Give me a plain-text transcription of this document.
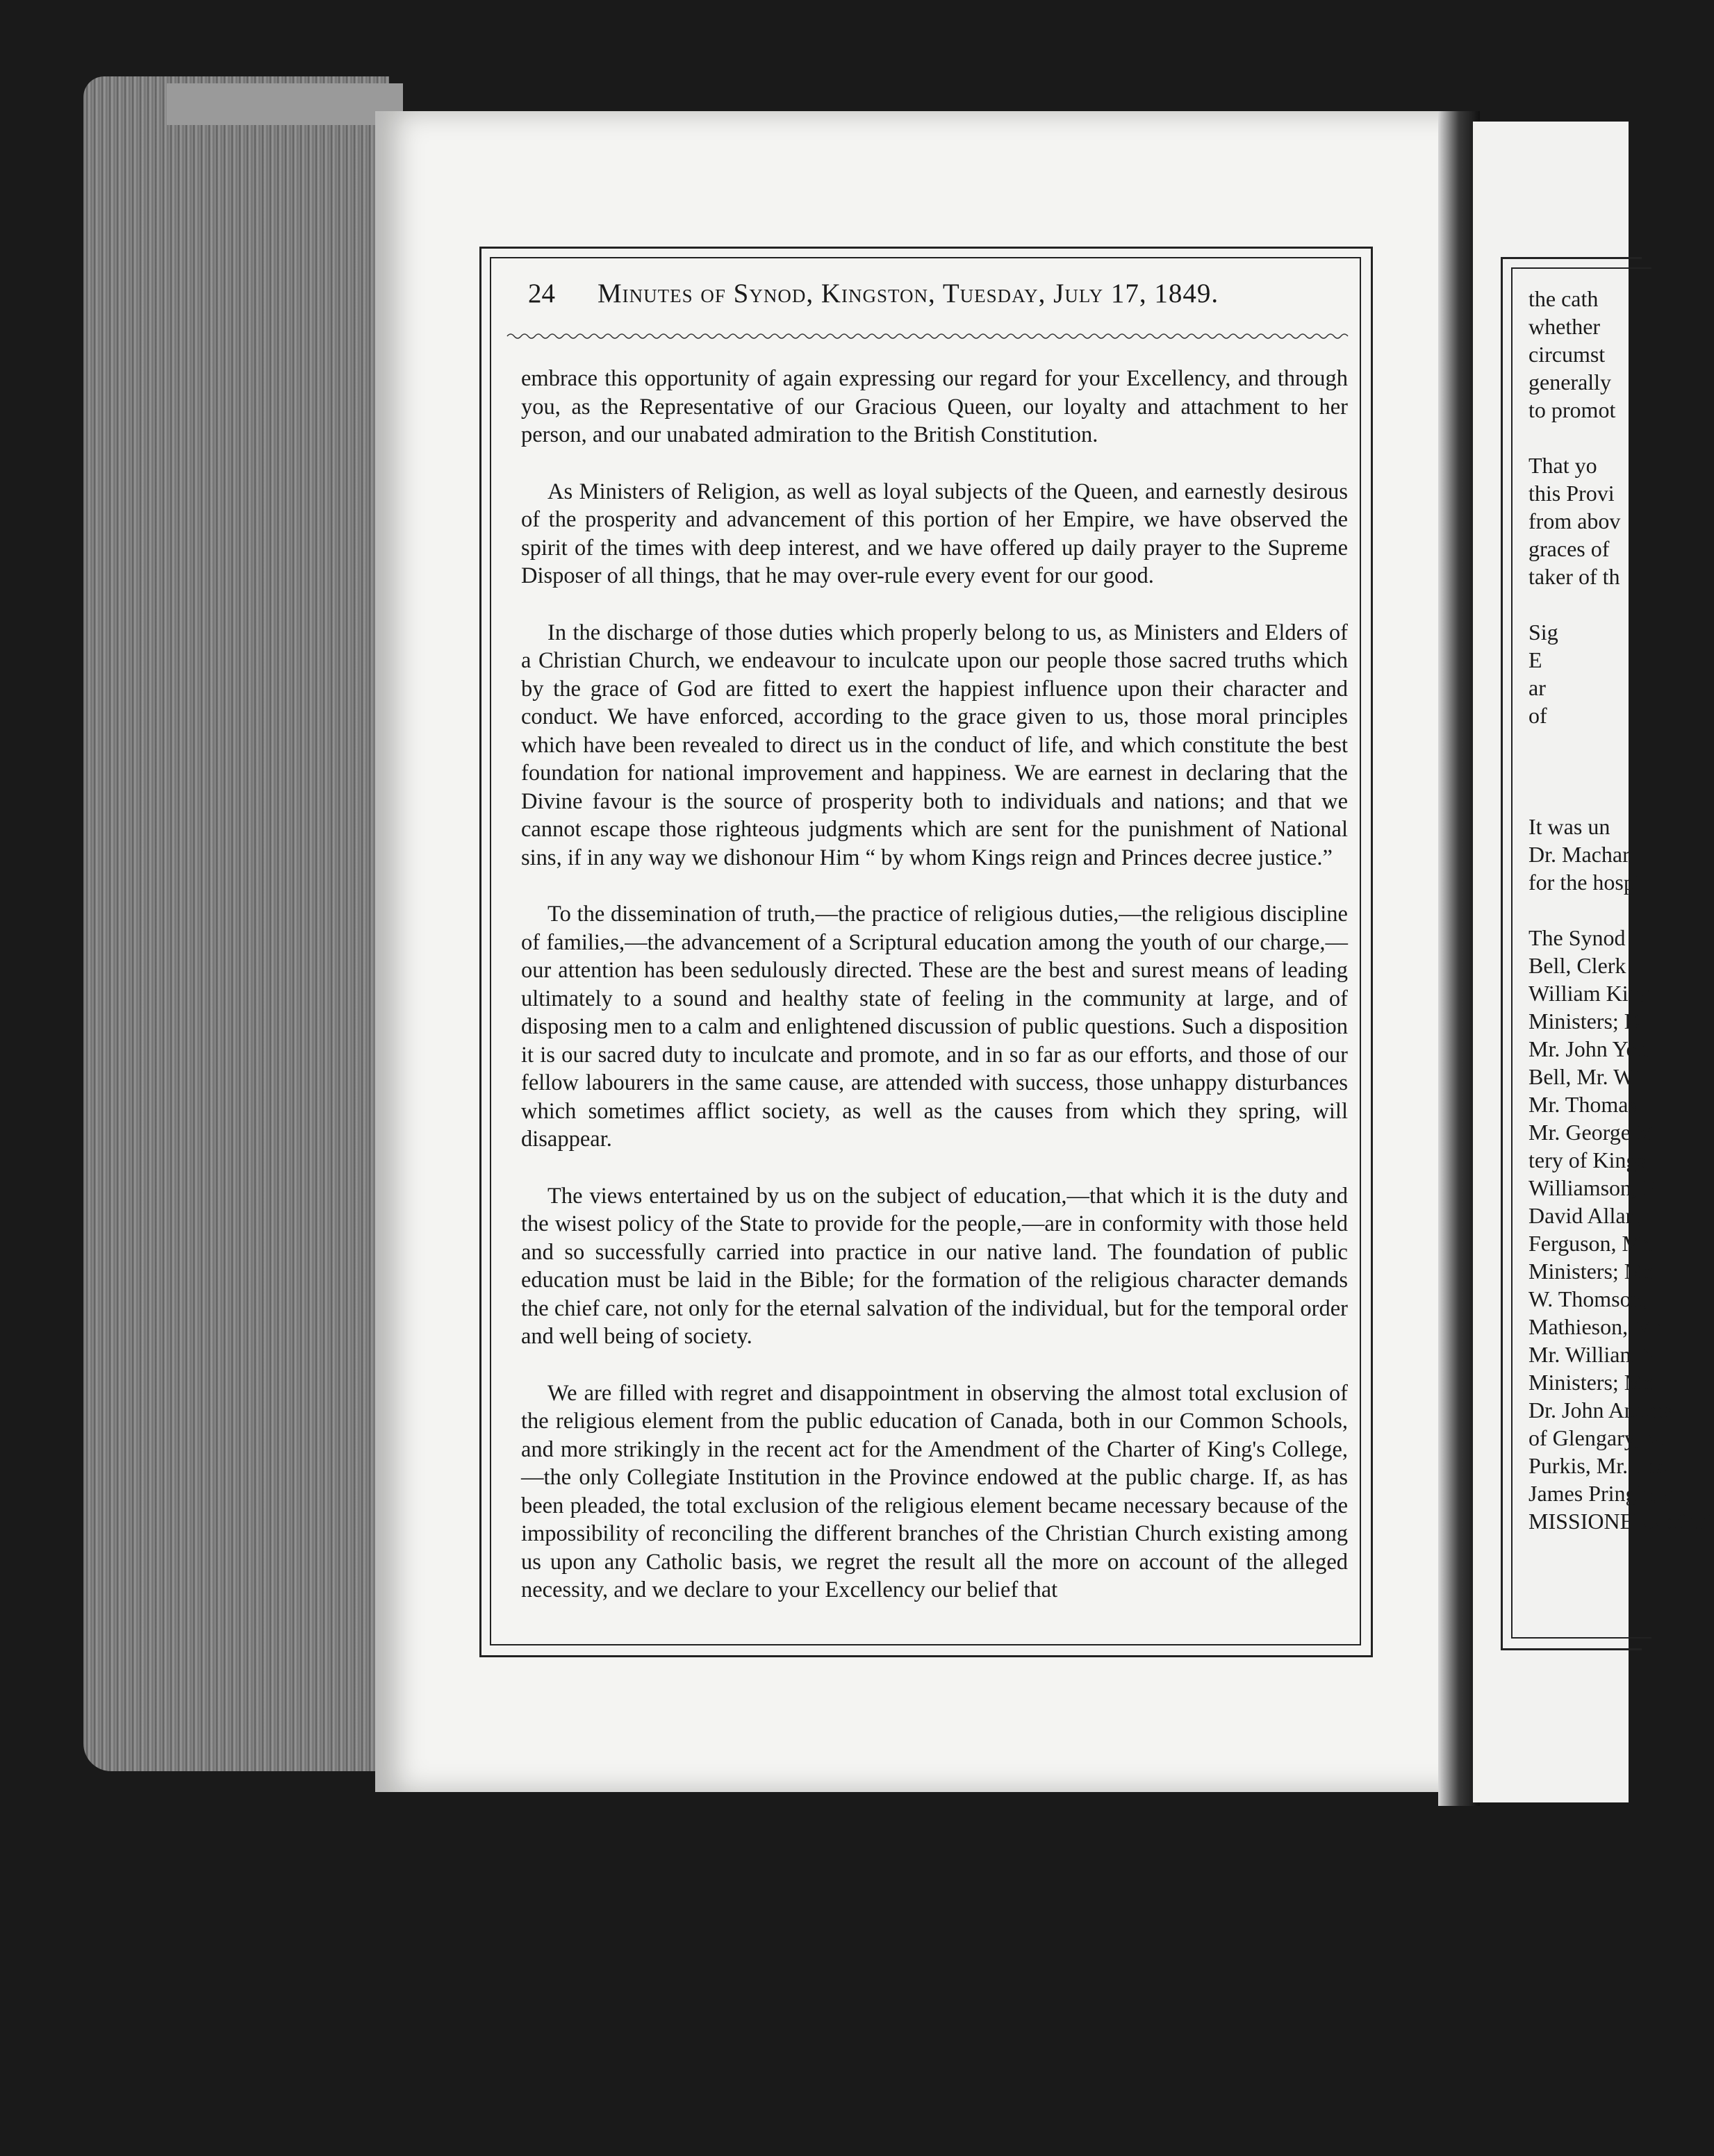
24	Minutes of Synod, Kingston, Tuesday, July 17, 1849.

embrace this opportunity of again expressing our regard for your Excellency, and through you, as the Representative of our Gracious Queen, our loyalty and attachment to her person, and our unabated admiration to the British Constitution.

As Ministers of Religion, as well as loyal subjects of the Queen, and earnestly desirous of the prosperity and advancement of this portion of her Empire, we have observed the spirit of the times with deep interest, and we have offered up daily prayer to the Supreme Disposer of all things, that he may over-rule every event for our good.

In the discharge of those duties which properly belong to us, as Ministers and Elders of a Christian Church, we endeavour to inculcate upon our people those sacred truths which by the grace of God are fitted to exert the happiest influence upon their character and conduct. We have enforced, according to the grace given to us, those moral principles which have been revealed to direct us in the conduct of life, and which constitute the best foundation for national improvement and happiness. We are earnest in declaring that the Divine favour is the source of prosperity both to individuals and nations; and that we cannot escape those righteous judgments which are sent for the punishment of National sins, if in any way we dishonour Him “ by whom Kings reign and Princes decree justice.”

To the dissemination of truth,—the practice of religious duties,—the religious discipline of families,—the advancement of a Scriptural education among the youth of our charge,—our attention has been sedulously directed. These are the best and surest means of leading ultimately to a sound and healthy state of feeling in the community at large, and of disposing men to a calm and enlightened discussion of public questions. Such a disposition it is our sacred duty to inculcate and promote, and in so far as our efforts, and those of our fellow labourers in the same cause, are attended with success, those unhappy disturbances which sometimes afflict society, as well as the causes from which they spring, will disappear.

The views entertained by us on the subject of education,—that which it is the duty and the wisest policy of the State to provide for the people,—are in conformity with those held and so successfully carried into practice in our native land. The foundation of public education must be laid in the Bible; for the formation of the religious character demands the chief care, not only for the eternal salvation of the individual, but for the temporal order and well being of society.

We are filled with regret and disappointment in observing the almost total exclusion of the religious element from the public education of Canada, both in our Common Schools, and more strikingly in the recent act for the Amendment of the Charter of King's College,—the only Collegiate Institution in the Province endowed at the public charge. If, as has been pleaded, the total exclusion of the religious element became necessary because of the impossibility of reconciling the different branches of the Christian Church existing among us upon any Catholic basis, we regret the result all the more on account of the alleged necessity, and we declare to your Excellency our belief that

the cath
whether
circumst
generally
to promot
That yo
this Provi
from abov
graces of
taker of th
Sig
E
ar
of
It was un
Dr. Machar
for the hospi
The Synod
Bell, Clerk
William King
Ministers; D
Mr. John You
Bell, Mr. Wil
Mr. Thomas
Mr. George M
tery of Kings
Williamson, P
David Allan,
Ferguson, Mr.
Ministers; Mr.
W. Thomson,
Mathieson, Mr.
Mr. William Si
Ministers; Mr.
Dr. John Anders
of Glengary, M
Purkis, Mr. Tho
James Pringle, a
MISSIONERS of thi
